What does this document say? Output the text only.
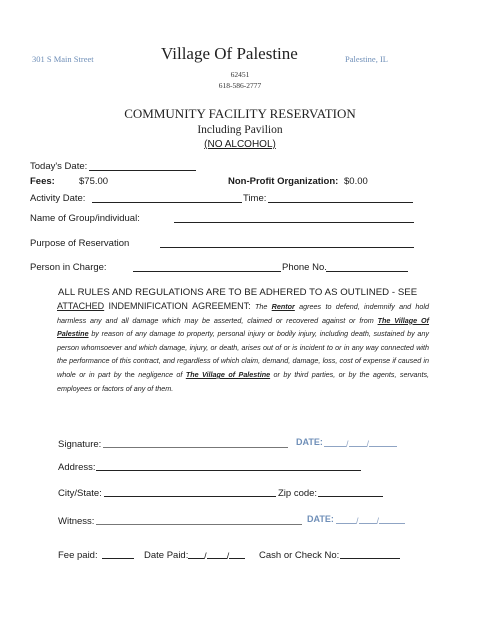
301 S Main Street	Village Of Palestine	Palestine, IL
62451
618-586-2777
COMMUNITY FACILITY RESERVATION
Including Pavilion
(NO ALCOHOL)
Today's Date:
Fees:	$75.00	Non-Profit Organization: $0.00
Activity Date:	Time:
Name of Group/individual:
Purpose of Reservation
Person in Charge:	Phone No.
ALL RULES AND REGULATIONS ARE TO BE ADHERED TO AS OUTLINED - SEE
ATTACHED INDEMNIFICATION AGREEMENT: The Rentor agrees to defend, indemnify and hold harmless any and all damage which may be asserted, claimed or recovered against or from The Village Of Palestine by reason of any damage to property, personal injury or bodily injury, including death, sustained by any person whomsoever and which damage, injury, or death, arises out of or is incident to or in any way connected with the performance of this contract, and regardless of which claim, demand, damage, loss, cost of expense if caused in whole or in part by the negligence of The Village of Palestine or by third parties, or by the agents, servants, employees or factors of any of them.
Signature:	DATE:	/ /
Address:
City/State:	Zip code:
Witness:	DATE:	/ /
Fee paid:	Date Paid:	/ /	Cash or Check No:
